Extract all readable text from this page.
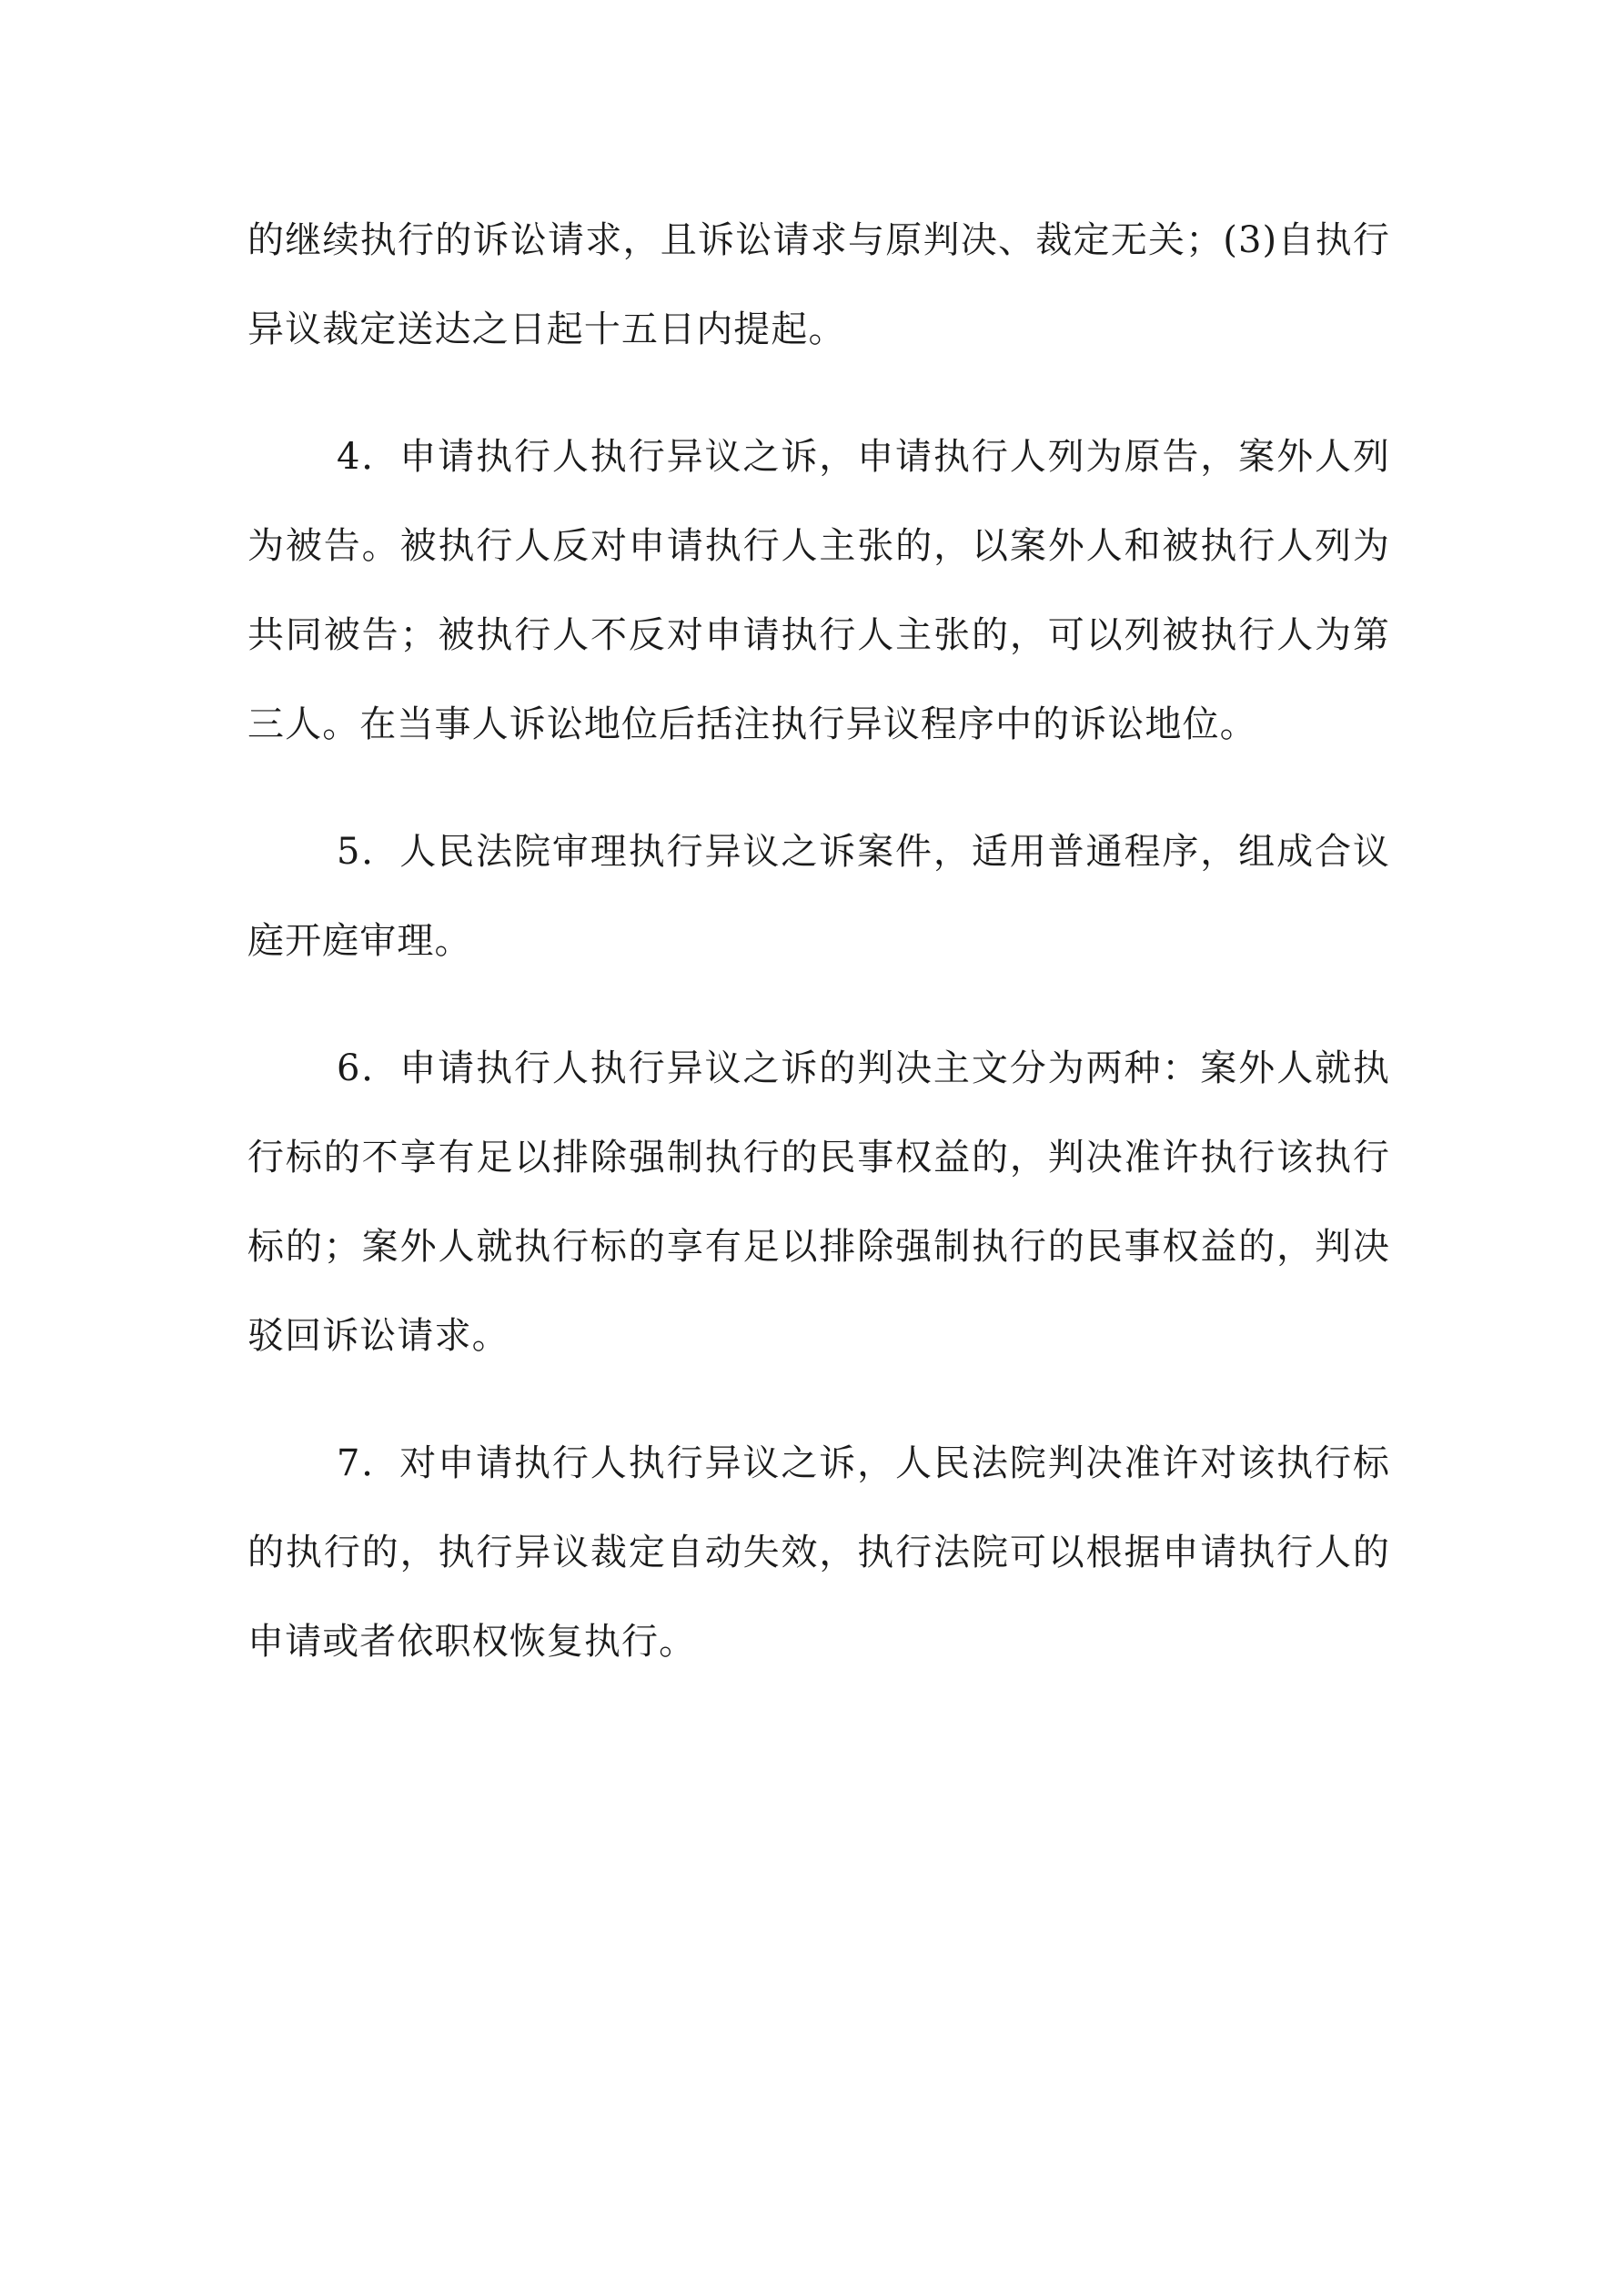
的继续执行的诉讼请求，且诉讼请求与原判决、裁定无关；(3)自执行异议裁定送达之日起十五日内提起。

4．申请执行人执行异议之诉，申请执行人列为原告，案外人列为被告。被执行人反对申请执行人主张的，以案外人和被执行人列为共同被告；被执行人不反对申请执行人主张的，可以列被执行人为第三人。在当事人诉讼地位后括注执行异议程序中的诉讼地位。

5．人民法院审理执行异议之诉案件，适用普通程序，组成合议庭开庭审理。

6．申请执行人执行异议之诉的判决主文分为两种：案外人就执行标的不享有足以排除强制执行的民事权益的，判决准许执行该执行标的；案外人就执行标的享有足以排除强制执行的民事权益的，判决驳回诉讼请求。

7．对申请执行人执行异议之诉，人民法院判决准许对该执行标的执行的，执行异议裁定自动失效，执行法院可以根据申请执行人的申请或者依职权恢复执行。
